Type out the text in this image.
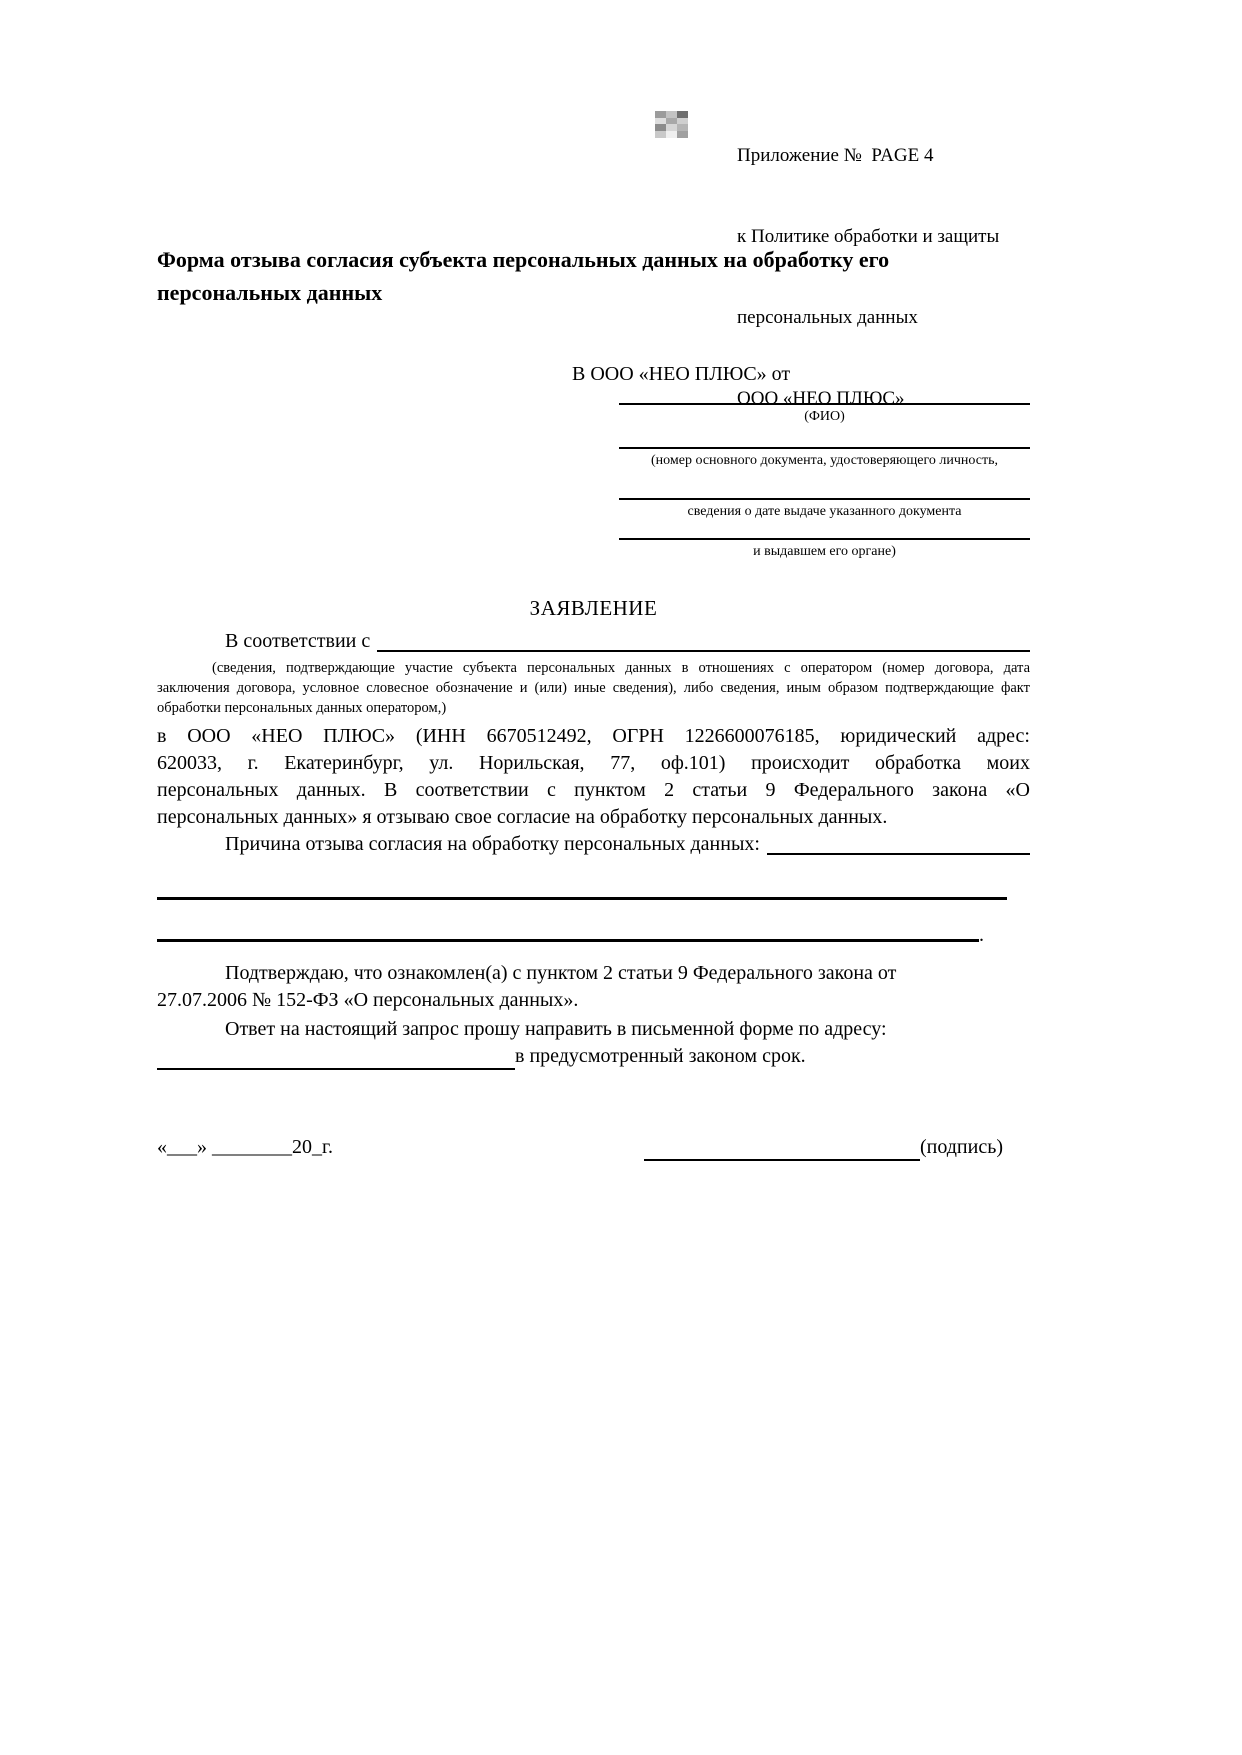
Приложение №  PAGE 4

к Политике обработки и защиты

персональных данных

ООО «НЕО ПЛЮС»

Форма отзыва согласия субъекта персональных данных на обработку его персональных данных
В ООО «НЕО ПЛЮС» от
(ФИО)
(номер основного документа, удостоверяющего личность,
сведения о дате выдаче указанного документа
и выдавшем его органе)
ЗАЯВЛЕНИЕ
В соответствии с
(сведения, подтверждающие участие субъекта персональных данных в отношениях с оператором (номер договора, дата
заключения договора, условное словесное обозначение и (или) иные сведения), либо сведения, иным образом подтверждающие факт
обработки персональных данных оператором,)
в ООО «НЕО ПЛЮС» (ИНН 6670512492, ОГРН 1226600076185, юридический адрес:
620033, г. Екатеринбург, ул. Норильская, 77, оф.101) происходит обработка моих
персональных данных. В соответствии с пунктом 2 статьи 9 Федерального закона «О
персональных данных» я отзываю свое согласие на обработку персональных данных.
Причина отзыва согласия на обработку персональных данных:
.
Подтверждаю, что ознакомлен(а) с пунктом 2 статьи 9 Федерального закона от
27.07.2006 № 152-ФЗ «О персональных данных».
Ответ на настоящий запрос прошу направить в письменной форме по адресу:
в предусмотренный законом срок.
«___» ________20_г.	(подпись)
